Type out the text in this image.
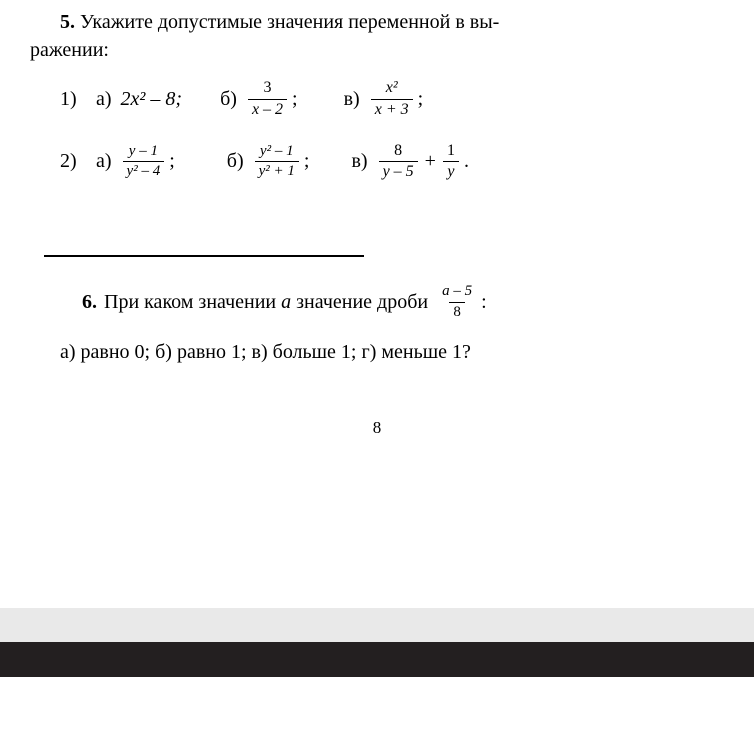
5. Укажите допустимые значения переменной в вы-
ражении:
1) а) 2x² – 8; $б) \frac{3}{x - 2}$ ; $в) \frac{\text{x²}}{x + 3}$ ;
2) $а) \frac{y - 1}{\text{y² – 4}}$ ;	$б) \frac{\text{y² – 1}}{\text{y² + 1}}$ ; $в) \frac{8}{y - 5} + \frac{1}{y}$ .
6. При каком значении a значение дроби $\frac{a - 5}{8}$ :
а) равно 0; б) равно 1; в) больше 1; г) меньше 1?
8
